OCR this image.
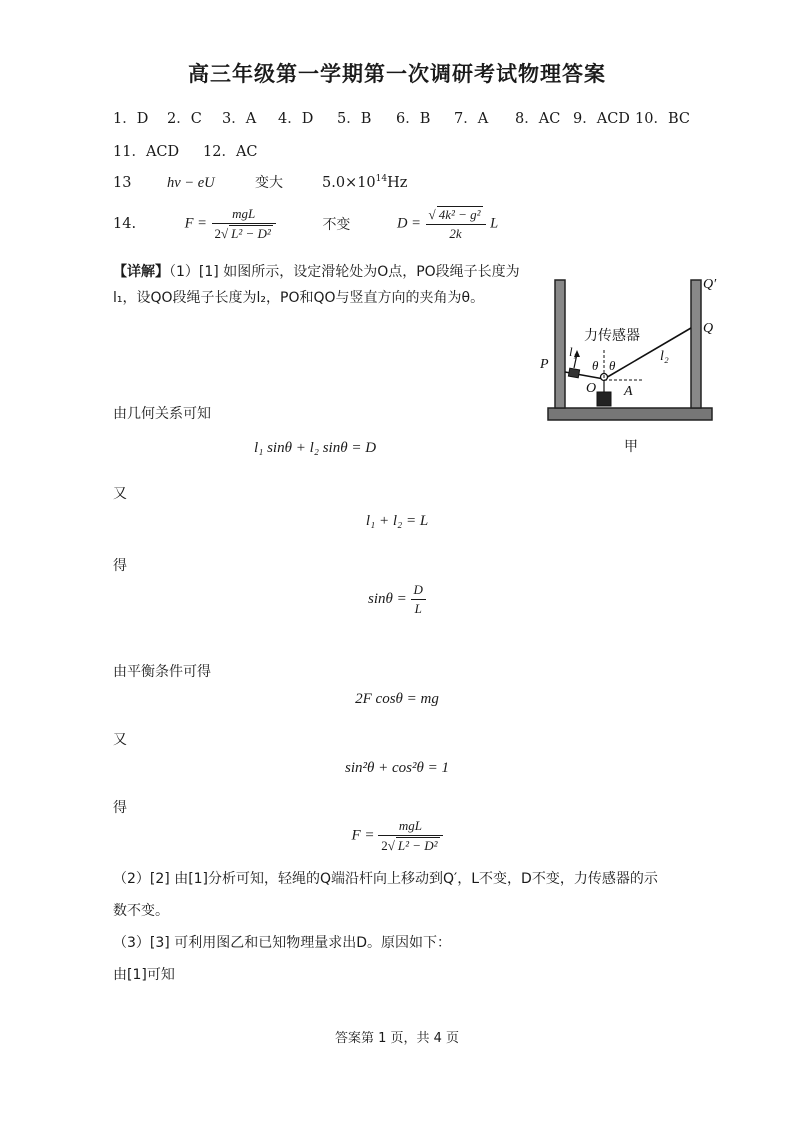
高三年级第一学期第一次调研考试物理答案
1．D 2．C 3．A 4．D 5．B 6．B 7．A 8．AC 9．ACD 10．BC
11．ACD 12．AC
13 hν − eU	变大	$5.0\times 10^{14}Hz$
14.	$F = \frac{\text{mgL}}{\text{2√ L² − D²}}$	不变	$D = \frac{\text{√ 4k² − g²}}{2k}$ L
【详解】（1）[1] 如图所示，设定滑轮处为O点，PO段绳子长度为l₁，设QO段绳子长度为l₂，PO和QO与竖直方向的夹角为θ。
力传感器
P
Q
Q′
O A
l₁	l₂
θ θ
甲
由几何关系可知
l₁ sinθ + l₂ sinθ = D
又
l₁ + l₂ = L
得
$\sin\theta = \frac{D}{L}$
由平衡条件可得
2F cosθ = mg
又
sin²θ + cos²θ = 1
得
$F = \frac{\text{mgL}}{\text{2√ L² − D²}}$
（2）[2] 由[1]分析可知，轻绳的Q端沿杆向上移动到Q′，L不变，D不变，力传感器的示
数不变。
（3）[3] 可利用图乙和已知物理量求出D。原因如下：
由[1]可知
答案第 1 页，共 4 页
